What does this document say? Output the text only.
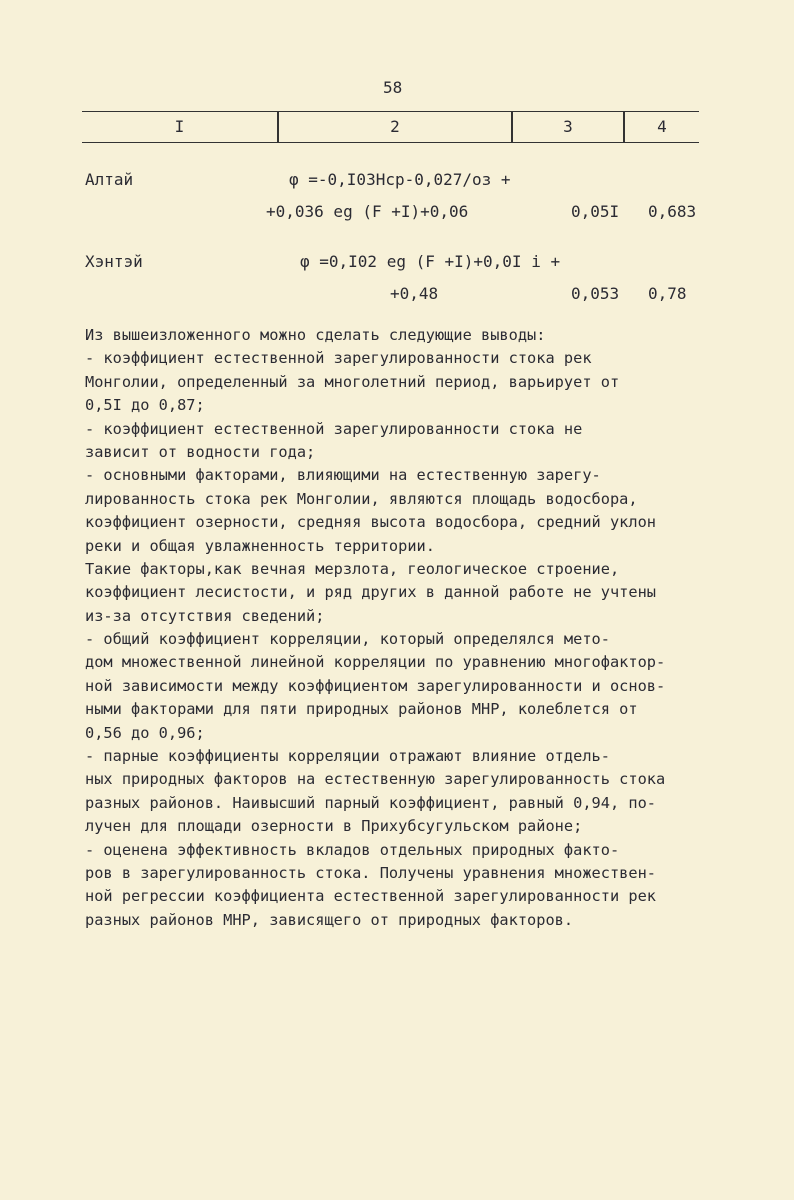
58
I	2	3	4
Алтай	φ =-0,I03Hср-0,027/оз +
+0,036 еg (F +I)+0,06	0,05I 0,683
Хэнтэй	φ =0,I02 еg (F +I)+0,0I i +
+0,48	0,053 0,78
Из вышеизложенного можно сделать следующие выводы:
- коэффициент естественной зарегулированности стока рек
Монголии, определенный за многолетний период, варьирует от
0,5I до 0,87;
- коэффициент естественной зарегулированности стока не
зависит от водности года;
- основными факторами, влияющими на естественную зарегу-
лированность стока рек Монголии, являются площадь водосбора,
коэффициент озерности, средняя высота водосбора, средний уклон
реки и общая увлажненность территории.
Такие факторы,как вечная мерзлота, геологическое строение,
коэффициент лесистости, и ряд других в данной работе не учтены
из-за отсутствия сведений;
- общий коэффициент корреляции, который определялся мето-
дом множественной линейной корреляции по уравнению многофактор-
ной зависимости между коэффициентом зарегулированности и основ-
ными факторами для пяти природных районов МНР, колеблется от
0,56 до 0,96;
- парные коэффициенты корреляции отражают влияние отдель-
ных природных факторов на естественную зарегулированность стока
разных районов. Наивысший парный коэффициент, равный 0,94, по-
лучен для площади озерности в Прихубсугульском районе;
- оценена эффективность вкладов отдельных природных факто-
ров в зарегулированность стока. Получены уравнения множествен-
ной регрессии коэффициента естественной зарегулированности рек
разных районов МНР, зависящего от природных факторов.
